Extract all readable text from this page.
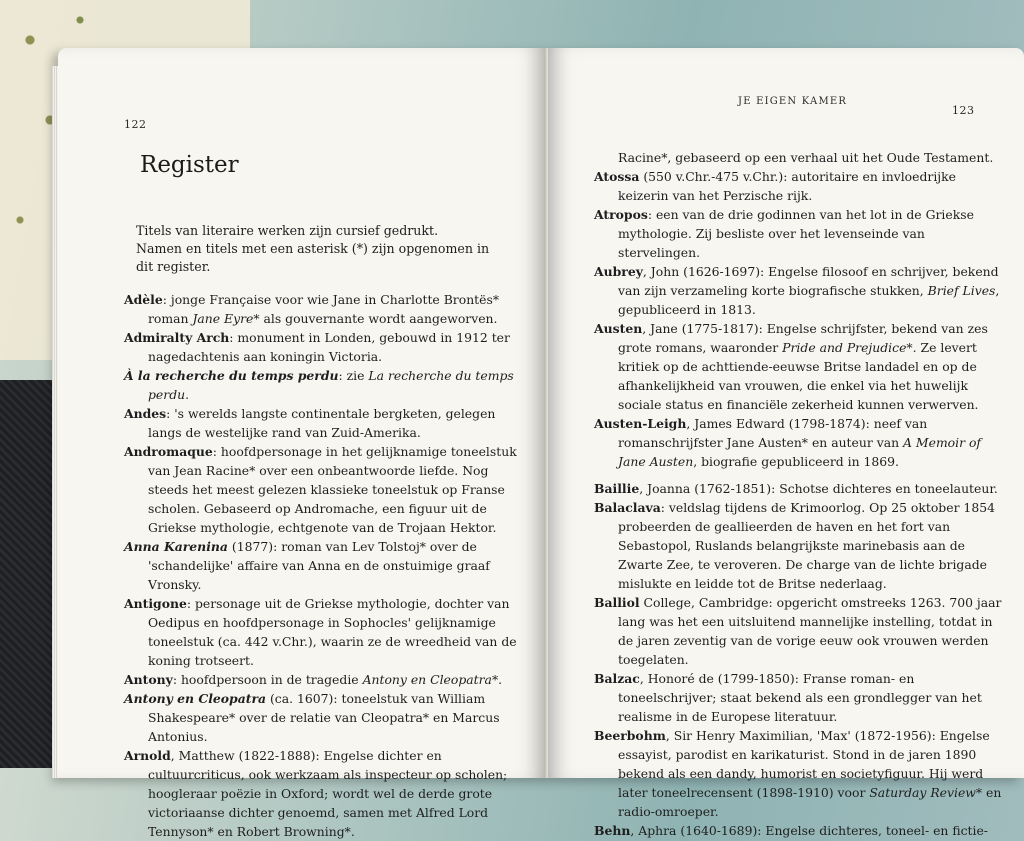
122
Register

Titels van literaire werken zijn cursief gedrukt.

Namen en titels met een asterisk (*) zijn opgenomen in dit register.

Adèle: jonge Française voor wie Jane in Charlotte Brontës* roman Jane Eyre* als gouvernante wordt aangeworven.

Admiralty Arch: monument in Londen, gebouwd in 1912 ter nagedachtenis aan koningin Victoria.

À la recherche du temps perdu: zie La recherche du temps perdu.

Andes: 's werelds langste continentale bergketen, gelegen langs de westelijke rand van Zuid-Amerika.

Andromaque: hoofdpersonage in het gelijknamige toneelstuk van Jean Racine* over een onbeantwoorde liefde. Nog steeds het meest gelezen klassieke toneelstuk op Franse scholen. Gebaseerd op Andromache, een figuur uit de Griekse mythologie, echtgenote van de Trojaan Hektor.

Anna Karenina (1877): roman van Lev Tolstoj* over de 'schandelijke' affaire van Anna en de onstuimige graaf Vronsky.

Antigone: personage uit de Griekse mythologie, dochter van Oedipus en hoofdpersonage in Sophocles' gelijknamige toneelstuk (ca. 442 v.Chr.), waarin ze de wreedheid van de koning trotseert.

Antony: hoofdpersoon in de tragedie Antony en Cleopatra*.

Antony en Cleopatra (ca. 1607): toneelstuk van William Shakespeare* over de relatie van Cleopatra* en Marcus Antonius.

Arnold, Matthew (1822-1888): Engelse dichter en cultuurcriticus, ook werkzaam als inspecteur op scholen; hoogleraar poëzie in Oxford; wordt wel de derde grote victoriaanse dichter genoemd, samen met Alfred Lord Tennyson* en Robert Browning*.

JE EIGEN KAMER
123

Racine*, gebaseerd op een verhaal uit het Oude Testament.

Atossa (550 v.Chr.-475 v.Chr.): autoritaire en invloedrijke keizerin van het Perzische rijk.

Atropos: een van de drie godinnen van het lot in de Griekse mythologie. Zij besliste over het levenseinde van stervelingen.

Aubrey, John (1626-1697): Engelse filosoof en schrijver, bekend van zijn verzameling korte biografische stukken, Brief Lives, gepubliceerd in 1813.

Austen, Jane (1775-1817): Engelse schrijfster, bekend van zes grote romans, waaronder Pride and Prejudice*. Ze levert kritiek op de achttiende-eeuwse Britse landadel en op de afhankelijkheid van vrouwen, die enkel via het huwelijk sociale status en financiële zekerheid kunnen verwerven.

Austen-Leigh, James Edward (1798-1874): neef van romanschrijfster Jane Austen* en auteur van A Memoir of Jane Austen, biografie gepubliceerd in 1869.

Baillie, Joanna (1762-1851): Schotse dichteres en toneelauteur.

Balaclava: veldslag tijdens de Krimoorlog. Op 25 oktober 1854 probeerden de geallieerden de haven en het fort van Sebastopol, Ruslands belangrijkste marinebasis aan de Zwarte Zee, te veroveren. De charge van de lichte brigade mislukte en leidde tot de Britse nederlaag.

Balliol College, Cambridge: opgericht omstreeks 1263. 700 jaar lang was het een uitsluitend mannelijke instelling, totdat in de jaren zeventig van de vorige eeuw ook vrouwen werden toegelaten.

Balzac, Honoré de (1799-1850): Franse roman- en toneelschrijver; staat bekend als een grondlegger van het realisme in de Europese literatuur.

Beerbohm, Sir Henry Maximilian, 'Max' (1872-1956): Engelse essayist, parodist en karikaturist. Stond in de jaren 1890 bekend als een dandy, humorist en societyfiguur. Hij werd later toneelrecensent (1898-1910) voor Saturday Review* en radio-omroeper.

Behn, Aphra (1640-1689): Engelse dichteres, toneel- en fictie-
